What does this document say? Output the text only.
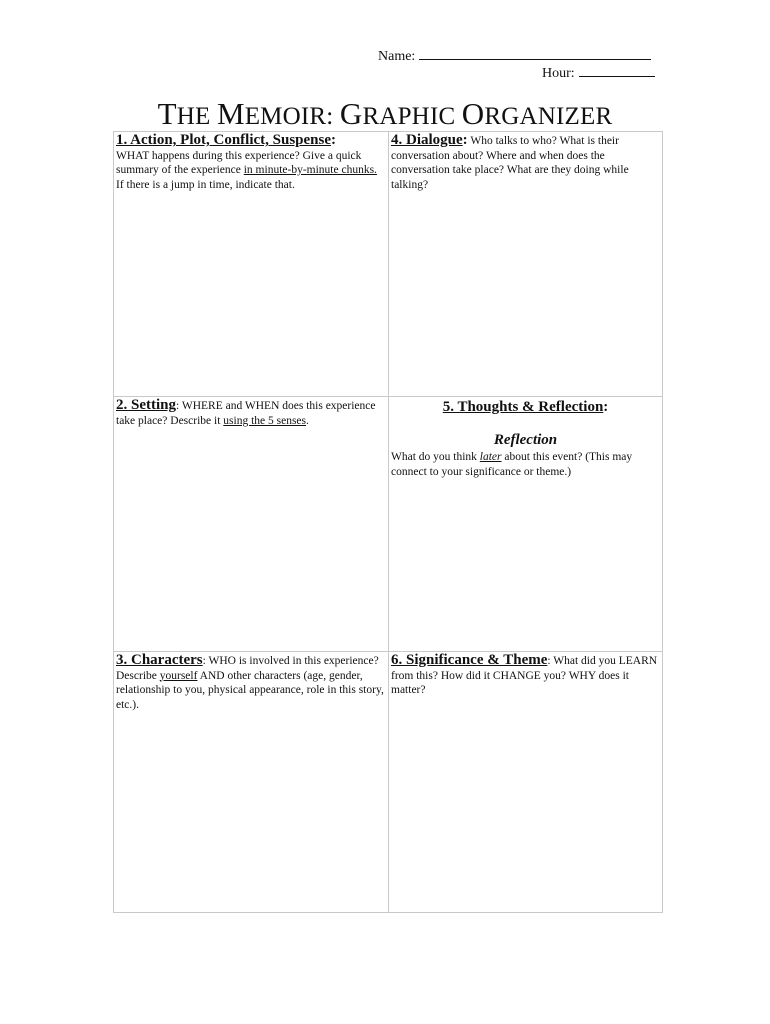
Name:
Hour:
THE MEMOIR: GRAPHIC ORGANIZER
1. Action, Plot, Conflict, Suspense:
WHAT happens during this experience? Give a quick summary of the experience in minute-by-minute chunks. If there is a jump in time, indicate that.
4. Dialogue: Who talks to who? What is their conversation about? Where and when does the conversation take place? What are they doing while talking?
2. Setting: WHERE and WHEN does this experience take place? Describe it using the 5 senses.
5. Thoughts & Reflection:
Reflection
What do you think later about this event? (This may connect to your significance or theme.)
3. Characters: WHO is involved in this experience? Describe yourself AND other characters (age, gender, relationship to you, physical appearance, role in this story, etc.).
6. Significance & Theme: What did you LEARN from this? How did it CHANGE you? WHY does it matter?
